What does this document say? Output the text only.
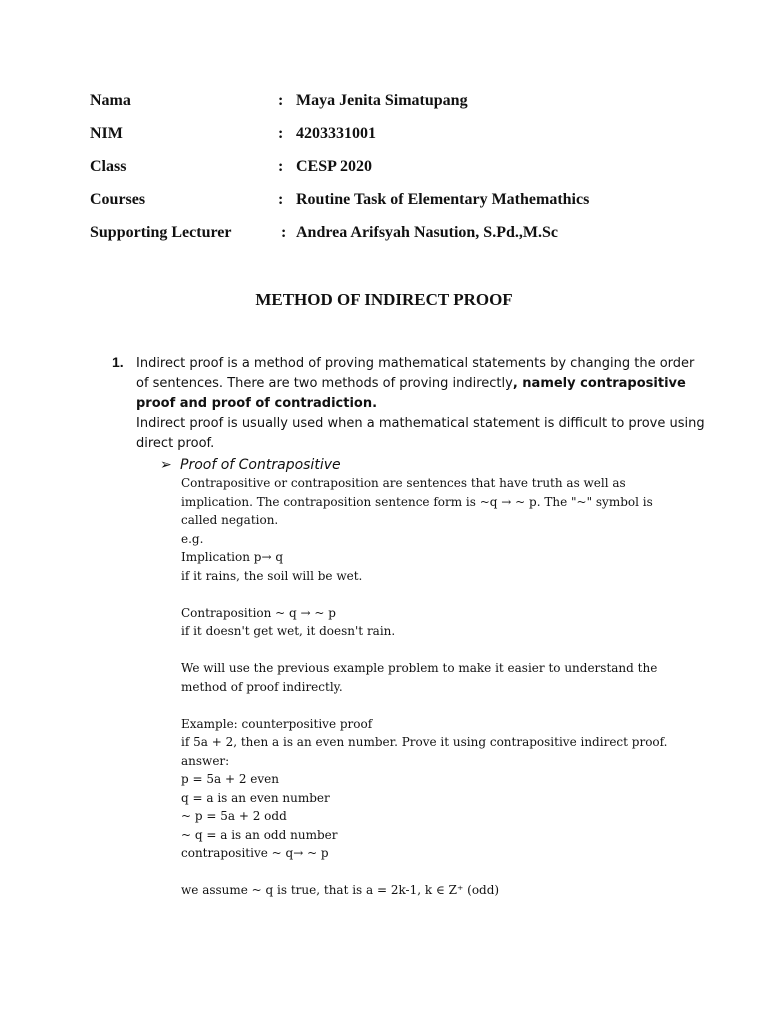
Nama	: Maya Jenita Simatupang
NIM	: 4203331001
Class	: CESP 2020
Courses	: Routine Task of Elementary Mathemathics
Supporting Lecturer	: Andrea Arifsyah Nasution, S.Pd.,M.Sc
METHOD OF INDIRECT PROOF
1. Indirect proof is a method of proving mathematical statements by changing the order of sentences. There are two methods of proving indirectly, namely contrapositive proof and proof of contradiction.

Indirect proof is usually used when a mathematical statement is difficult to prove using direct proof.

➢ Proof of Contrapositive
Contrapositive or contraposition are sentences that have truth as well as
implication. The contraposition sentence form is ~q → ~ p. The "~" symbol is
called negation.
e.g.
Implication p→ q
if it rains, the soil will be wet.
Contraposition ~ q → ~ p
if it doesn't get wet, it doesn't rain.
We will use the previous example problem to make it easier to understand the
method of proof indirectly.
Example: counterpositive proof
if 5a + 2, then a is an even number. Prove it using contrapositive indirect proof.
answer:
p = 5a + 2 even
q = a is an even number
~ p = 5a + 2 odd
~ q = a is an odd number
contrapositive ~ q→ ~ p
we assume ~ q is true, that is a = 2k-1, k ∈ Z⁺ (odd)
